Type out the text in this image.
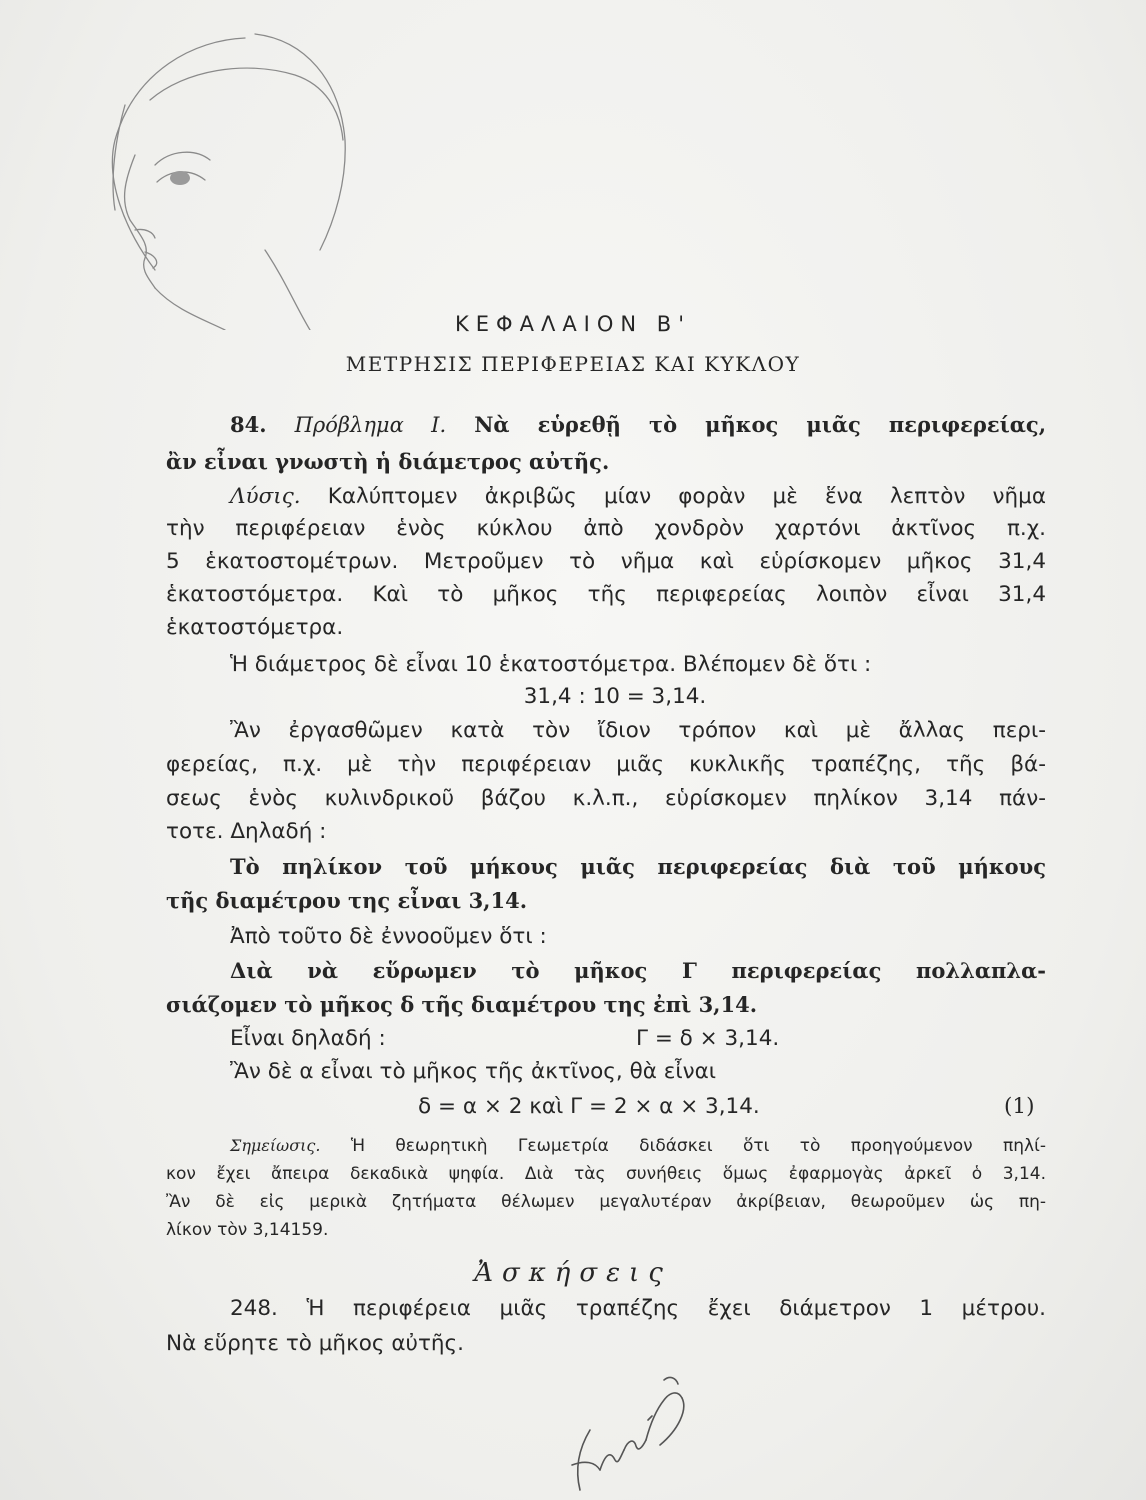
ΚΕΦΑΛΑΙΟΝ Β'
ΜΕΤΡΗΣΙΣ ΠΕΡΙΦΕΡΕΙΑΣ ΚΑΙ ΚΥΚΛΟΥ
84. Πρόβλημα Ι. Νὰ εὑρεθῇ τὸ μῆκος μιᾶς περιφερείας,
ἂν εἶναι γνωστὴ ἡ διάμετρος αὐτῆς.
Λύσις. Καλύπτομεν ἀκριβῶς μίαν φορὰν μὲ ἕνα λεπτὸν νῆμα
τὴν περιφέρειαν ἑνὸς κύκλου ἀπὸ χονδρὸν χαρτόνι ἀκτῖνος π.χ.
5 ἑκατοστομέτρων. Μετροῦμεν τὸ νῆμα καὶ εὑρίσκομεν μῆκος 31,4
ἑκατοστόμετρα. Καὶ τὸ μῆκος τῆς περιφερείας λοιπὸν εἶναι 31,4
ἑκατοστόμετρα.
Ἡ διάμετρος δὲ εἶναι 10 ἑκατοστόμετρα. Βλέπομεν δὲ ὅτι :
31,4 : 10 = 3,14.
Ἂν ἐργασθῶμεν κατὰ τὸν ἴδιον τρόπον καὶ μὲ ἄλλας περι-
φερείας, π.χ. μὲ τὴν περιφέρειαν μιᾶς κυκλικῆς τραπέζης, τῆς βά-
σεως ἑνὸς κυλινδρικοῦ βάζου κ.λ.π., εὑρίσκομεν πηλίκον 3,14 πάν-
τοτε. Δηλαδή :
Τὸ πηλίκον τοῦ μήκους μιᾶς περιφερείας διὰ τοῦ μήκους
τῆς διαμέτρου της εἶναι 3,14.
Ἀπὸ τοῦτο δὲ ἐννοοῦμεν ὅτι :
Διὰ νὰ εὕρωμεν τὸ μῆκος Γ περιφερείας πολλαπλα-
σιάζομεν τὸ μῆκος δ τῆς διαμέτρου της ἐπὶ 3,14.
Εἶναι δηλαδή :	Γ = δ × 3,14.
Ἂν δὲ α εἶναι τὸ μῆκος τῆς ἀκτῖνος, θὰ εἶναι
δ = α × 2 καὶ Γ = 2 × α × 3,14.	(1)
Σημείωσις. Ἡ θεωρητικὴ Γεωμετρία διδάσκει ὅτι τὸ προηγούμενον πηλί-
κον ἔχει ἄπειρα δεκαδικὰ ψηφία. Διὰ τὰς συνήθεις ὅμως ἐφαρμογὰς ἀρκεῖ ὁ 3,14.
Ἂν δὲ εἰς μερικὰ ζητήματα θέλωμεν μεγαλυτέραν ἀκρίβειαν, θεωροῦμεν ὡς πη-
λίκον τὸν 3,14159.
Ἀσκήσεις
248. Ἡ περιφέρεια μιᾶς τραπέζης ἔχει διάμετρον 1 μέτρου.
Νὰ εὕρητε τὸ μῆκος αὐτῆς.
